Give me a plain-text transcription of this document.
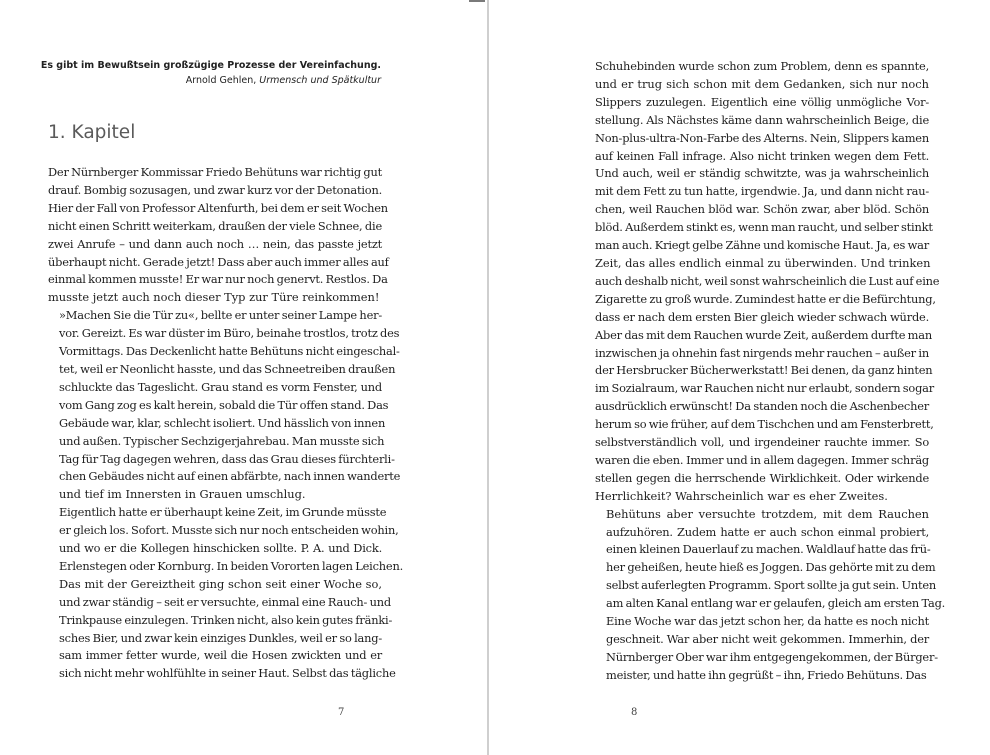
Es gibt im Bewußtsein großzügige Prozesse der Vereinfachung.
Arnold Gehlen, Urmensch und Spätkultur
1. Kapitel

Der Nürnberger Kommissar Friedo Behütuns war richtig gut
drauf. Bombig sozusagen, und zwar kurz vor der Detonation.
Hier der Fall von Professor Altenfurth, bei dem er seit Wochen
nicht einen Schritt weiterkam, draußen der viele Schnee, die
zwei Anrufe – und dann auch noch … nein, das passte jetzt
überhaupt nicht. Gerade jetzt! Dass aber auch immer alles auf
einmal kommen musste! Er war nur noch genervt. Restlos. Da
musste jetzt auch noch dieser Typ zur Türe reinkommen!

»Machen Sie die Tür zu«, bellte er unter seiner Lampe her-
vor. Gereizt. Es war düster im Büro, beinahe trostlos, trotz des
Vormittags. Das Deckenlicht hatte Behütuns nicht eingeschal-
tet, weil er Neonlicht hasste, und das Schneetreiben draußen
schluckte das Tageslicht. Grau stand es vorm Fenster, und
vom Gang zog es kalt herein, sobald die Tür offen stand. Das
Gebäude war, klar, schlecht isoliert. Und hässlich von innen
und außen. Typischer Sechzigerjahrebau. Man musste sich
Tag für Tag dagegen wehren, dass das Grau dieses fürchterli-
chen Gebäudes nicht auf einen abfärbte, nach innen wanderte
und tief im Innersten in Grauen umschlug.

Eigentlich hatte er überhaupt keine Zeit, im Grunde müsste
er gleich los. Sofort. Musste sich nur noch entscheiden wohin,
und wo er die Kollegen hinschicken sollte. P. A. und Dick.
Erlenstegen oder Kornburg. In beiden Vororten lagen Leichen.

Das mit der Gereiztheit ging schon seit einer Woche so,
und zwar ständig – seit er versuchte, einmal eine Rauch- und
Trinkpause einzulegen. Trinken nicht, also kein gutes fränki-
sches Bier, und zwar kein einziges Dunkles, weil er so lang-
sam immer fetter wurde, weil die Hosen zwickten und er
sich nicht mehr wohlfühlte in seiner Haut. Selbst das tägliche

7	8

Schuhebinden wurde schon zum Problem, denn es spannte,
und er trug sich schon mit dem Gedanken, sich nur noch
Slippers zuzulegen. Eigentlich eine völlig unmögliche Vor-
stellung. Als Nächstes käme dann wahrscheinlich Beige, die
Non-plus-ultra-Non-Farbe des Alterns. Nein, Slippers kamen
auf keinen Fall infrage. Also nicht trinken wegen dem Fett.
Und auch, weil er ständig schwitzte, was ja wahrscheinlich
mit dem Fett zu tun hatte, irgendwie. Ja, und dann nicht rau-
chen, weil Rauchen blöd war. Schön zwar, aber blöd. Schön
blöd. Außerdem stinkt es, wenn man raucht, und selber stinkt
man auch. Kriegt gelbe Zähne und komische Haut. Ja, es war
Zeit, das alles endlich einmal zu überwinden. Und trinken
auch deshalb nicht, weil sonst wahrscheinlich die Lust auf eine
Zigarette zu groß wurde. Zumindest hatte er die Befürchtung,
dass er nach dem ersten Bier gleich wieder schwach würde.
Aber das mit dem Rauchen wurde Zeit, außerdem durfte man
inzwischen ja ohnehin fast nirgends mehr rauchen – außer in
der Hersbrucker Bücherwerkstatt! Bei denen, da ganz hinten
im Sozialraum, war Rauchen nicht nur erlaubt, sondern sogar
ausdrücklich erwünscht! Da standen noch die Aschenbecher
herum so wie früher, auf dem Tischchen und am Fensterbrett,
selbstverständlich voll, und irgendeiner rauchte immer. So
waren die eben. Immer und in allem dagegen. Immer schräg
stellen gegen die herrschende Wirklichkeit. Oder wirkende
Herrlichkeit? Wahrscheinlich war es eher Zweites.

Behütuns aber versuchte trotzdem, mit dem Rauchen
aufzuhören. Zudem hatte er auch schon einmal probiert,
einen kleinen Dauerlauf zu machen. Waldlauf hatte das frü-
her geheißen, heute hieß es Joggen. Das gehörte mit zu dem
selbst auferlegten Programm. Sport sollte ja gut sein. Unten
am alten Kanal entlang war er gelaufen, gleich am ersten Tag.
Eine Woche war das jetzt schon her, da hatte es noch nicht
geschneit. War aber nicht weit gekommen. Immerhin, der
Nürnberger Ober war ihm entgegengekommen, der Bürger-
meister, und hatte ihn gegrüßt – ihn, Friedo Behütuns. Das
